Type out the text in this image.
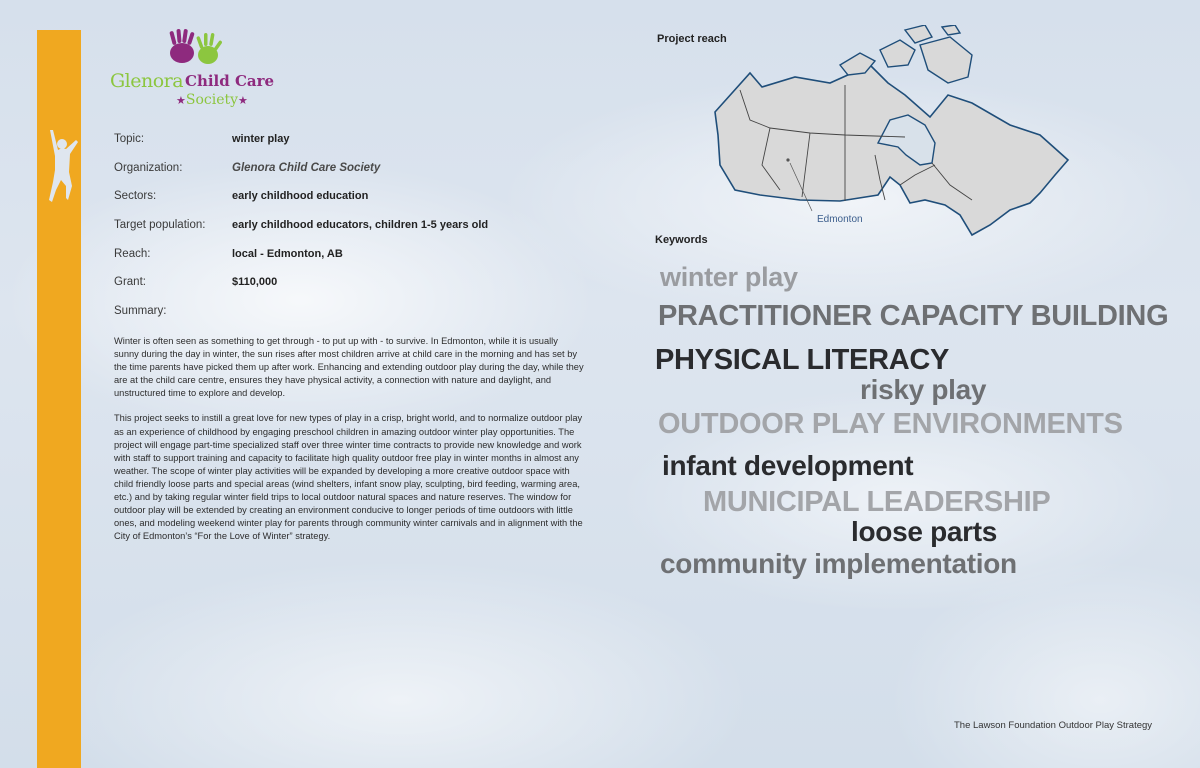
Glenora Child Care
★Society★
Topic:	winter play
Organization:	Glenora Child Care Society
Sectors:	early childhood education
Target population:	early childhood educators, children 1-5 years old
Reach:	local - Edmonton, AB
Grant:	$110,000
Summary:

Winter is often seen as something to get through - to put up with - to survive. In Edmonton, while it is usually sunny during the day in winter, the sun rises after most children arrive at child care in the morning and has set by the time parents have picked them up after work. Enhancing and extending outdoor play during the day, while they are at the child care centre, ensures they have physical activity, a connection with nature and daylight, and unstructured time to explore and develop.

This project seeks to instill a great love for new types of play in a crisp, bright world, and to normalize outdoor play as an experience of childhood by engaging preschool children in amazing outdoor winter play opportunities. The project will engage part-time specialized staff over three winter time contracts to provide new knowledge and work with staff to support training and capacity to facilitate high quality outdoor free play in winter months in almost any weather. The scope of winter play activities will be expanded by developing a more creative outdoor space with child friendly loose parts and special areas (wind shelters, infant snow play, sculpting, bird feeding, warming area, etc.) and by taking regular winter field trips to local outdoor natural spaces and nature reserves. The window for outdoor play will be extended by creating an environment conducive to longer periods of time outdoors with little ones, and modeling weekend winter play for parents through community winter carnivals and in alignment with the City of Edmonton’s “For the Love of Winter” strategy.

Project reach
Edmonton
Keywords
winter play
PRACTITIONER CAPACITY BUILDING
PHYSICAL LITERACY
risky play
OUTDOOR PLAY ENVIRONMENTS
infant development
MUNICIPAL LEADERSHIP
loose parts
community implementation
The Lawson Foundation Outdoor Play Strategy
